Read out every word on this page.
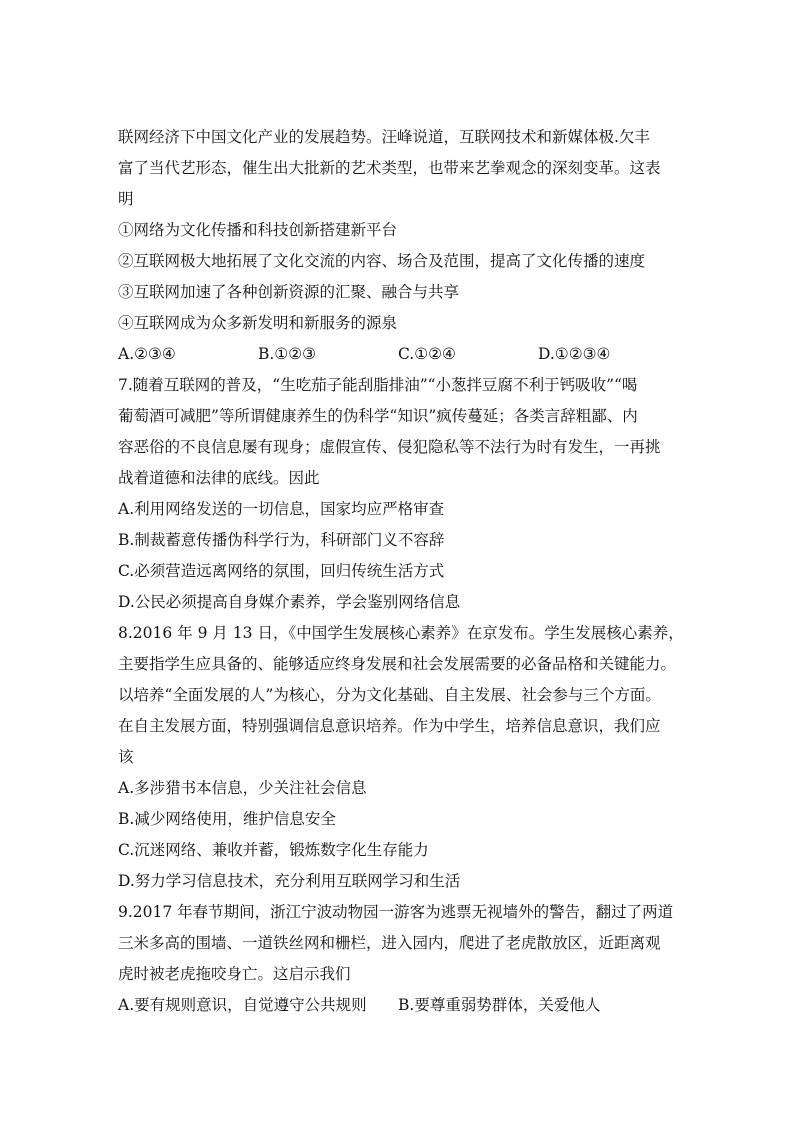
联网经济下中国文化产业的发展趋势。汪峰说道，互联网技术和新媒体极.欠丰
富了当代艺形态，催生出大批新的艺术类型，也带来艺拳观念的深刻变革。这表
明
①网络为文化传播和科技创新搭建新平台
②互联网极大地拓展了文化交流的内容、场合及范围，提高了文化传播的速度
③互联网加速了各种创新资源的汇聚、融合与共享
④互联网成为众多新发明和新服务的源泉
A.②③④	B.①②③	C.①②④	D.①②③④
7.随着互联网的普及，“生吃茄子能刮脂排油”“小葱拌豆腐不利于钙吸收”“喝
葡萄酒可减肥”等所谓健康养生的伪科学“知识”疯传蔓延；各类言辞粗鄙、内
容恶俗的不良信息屡有现身；虚假宣传、侵犯隐私等不法行为时有发生，一再挑
战着道德和法律的底线。因此
A.利用网络发送的一切信息，国家均应严格审查
B.制裁蓄意传播伪科学行为，科研部门义不容辞
C.必须营造远离网络的氛围，回归传统生活方式
D.公民必须提高自身媒介素养，学会鉴别网络信息
8.2016 年 9 月 13 日，《中国学生发展核心素养》在京发布。学生发展核心素养，
主要指学生应具备的、能够适应终身发展和社会发展需要的必备品格和关键能力。
以培养“全面发展的人”为核心，分为文化基础、自主发展、社会参与三个方面。
在自主发展方面，特别强调信息意识培养。作为中学生，培养信息意识，我们应
该
A.多涉猎书本信息，少关注社会信息
B.减少网络使用，维护信息安全
C.沉迷网络、兼收并蓄，锻炼数字化生存能力
D.努力学习信息技术，充分利用互联网学习和生活
9.2017 年春节期间，浙江宁波动物园一游客为逃票无视墙外的警告，翻过了两道
三米多高的围墙、一道铁丝网和栅栏，进入园内，爬进了老虎散放区，近距离观
虎时被老虎拖咬身亡。这启示我们
A.要有规则意识，自觉遵守公共规则	B.要尊重弱势群体，关爱他人
